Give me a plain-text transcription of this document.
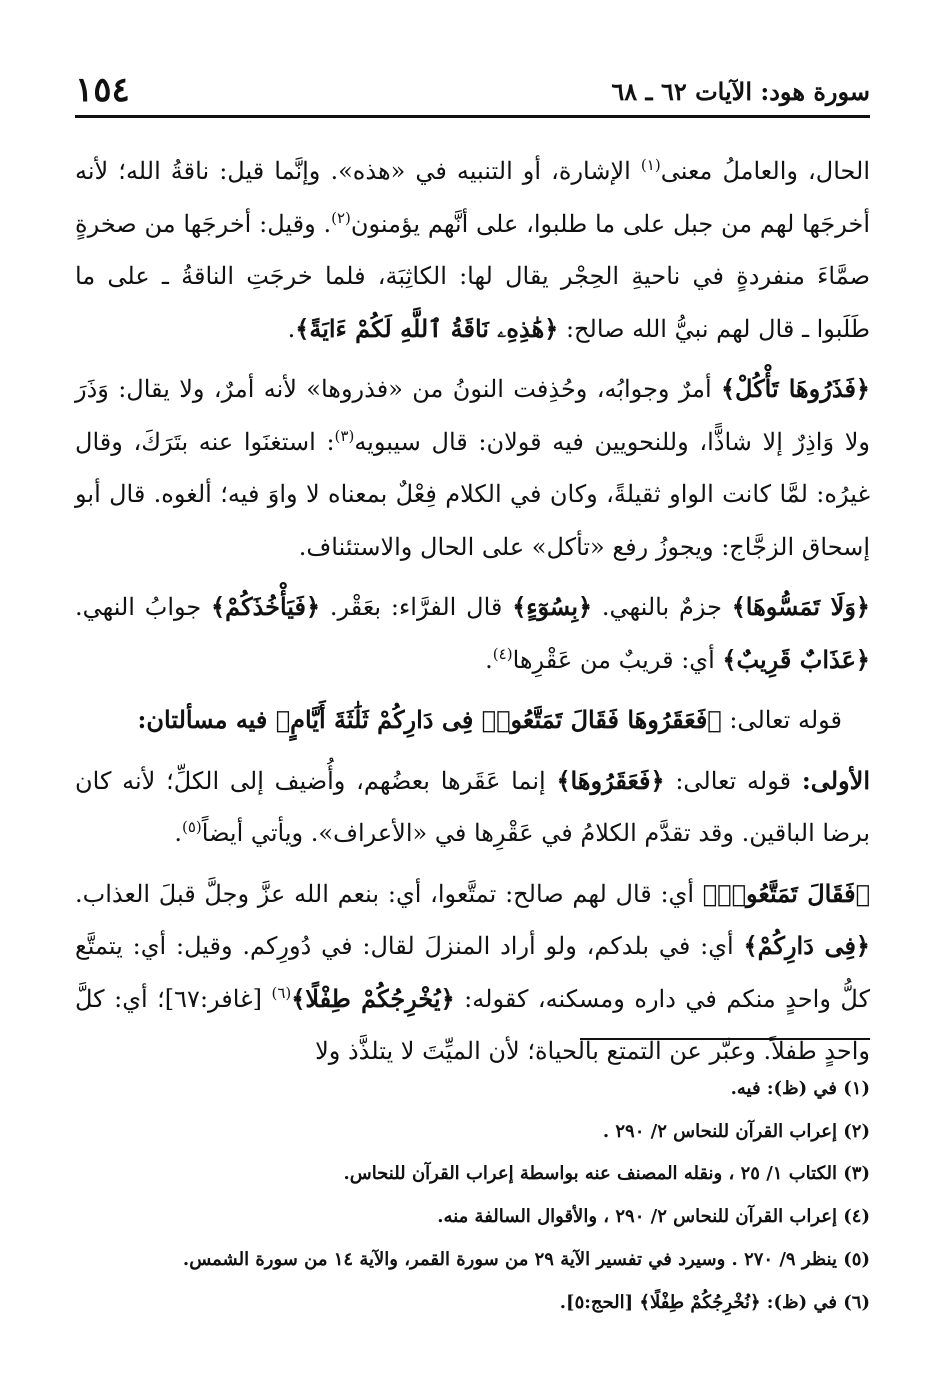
١٥٤	سورة هود: الآيات ٦٢ ـ ٦٨

الحال، والعاملُ معنى$^{(١)}$ الإشارة، أو التنبيه في «هذه». وإنَّما قيل: ناقةُ الله؛ لأنه أخرجَها لهم من جبل على ما طلبوا، على أنَّهم يؤمنون$^{(٢)}$. وقيل: أخرجَها من صخرةٍ صمَّاءَ منفردةٍ في ناحيةِ الحِجْر يقال لها: الكاثِبَة، فلما خرجَتِ الناقةُ ـ على ما طَلَبوا ـ قال لهم نبيُّ الله صالح: ﴿هَٰذِهِۦ نَاقَةُ ٱللَّهِ لَكُمْ ءَايَةً﴾.

﴿فَذَرُوهَا تَأْكُلْ﴾ أمرٌ وجوابُه، وحُذِفت النونُ من «فذروها» لأنه أمرٌ، ولا يقال: وَذَرَ ولا وَاذِرٌ إلا شاذًّا، وللنحويين فيه قولان: قال سيبويه$^{(٣)}$: استغنَوا عنه بتَرَكَ، وقال غيرُه: لمَّا كانت الواو ثقيلةً، وكان في الكلام فِعْلٌ بمعناه لا واوَ فيه؛ ألغوه. قال أبو إسحاق الزجَّاج: ويجوزُ رفع «تأكل» على الحال والاستئناف.

﴿وَلَا تَمَسُّوهَا﴾ جزمٌ بالنهي. ﴿بِسُوٓءٍ﴾ قال الفرَّاء: بعَقْر. ﴿فَيَأْخُذَكُمْ﴾ جوابُ النهي. ﴿عَذَابٌ قَرِيبٌ﴾ أي: قريبٌ من عَقْرِها$^{(٤)}$.

قوله تعالى: ﴿فَعَقَرُوهَا فَقَالَ تَمَتَّعُوا۟ فِى دَارِكُمْ ثَلَٰثَةَ أَيَّامٍ﴾ فيه مسألتان:

الأولى: قوله تعالى: ﴿فَعَقَرُوهَا﴾ إنما عَقَرها بعضُهم، وأُضيف إلى الكلِّ؛ لأنه كان برضا الباقين. وقد تقدَّم الكلامُ في عَقْرِها في «الأعراف». ويأتي أيضاً$^{(٥)}$.

﴿فَقَالَ تَمَتَّعُوا۟﴾ أي: قال لهم صالح: تمتَّعوا، أي: بنعم الله عزَّ وجلَّ قبلَ العذاب. ﴿فِى دَارِكُمْ﴾ أي: في بلدكم، ولو أراد المنزلَ لقال: في دُورِكم. وقيل: أي: يتمتَّع كلُّ واحدٍ منكم في داره ومسكنه، كقوله: ﴿يُخْرِجُكُمْ طِفْلًا﴾$^{(٦)}$ [غافر:٦٧]؛ أي: كلَّ واحدٍ طفلاً. وعبَّر عن التمتع بالحياة؛ لأن الميِّتَ لا يتلذَّذ ولا

(١) في (ظ): فيه.

(٢) إعراب القرآن للنحاس ٢/ ٢٩٠ .

(٣) الكتاب ١/ ٢٥ ، ونقله المصنف عنه بواسطة إعراب القرآن للنحاس.

(٤) إعراب القرآن للنحاس ٢/ ٢٩٠ ، والأقوال السالفة منه.

(٥) ينظر ٩/ ٢٧٠ . وسيرد في تفسير الآية ٢٩ من سورة القمر، والآية ١٤ من سورة الشمس.

(٦) في (ظ): ﴿نُخْرِجُكُمْ طِفْلًا﴾ [الحج:٥].
